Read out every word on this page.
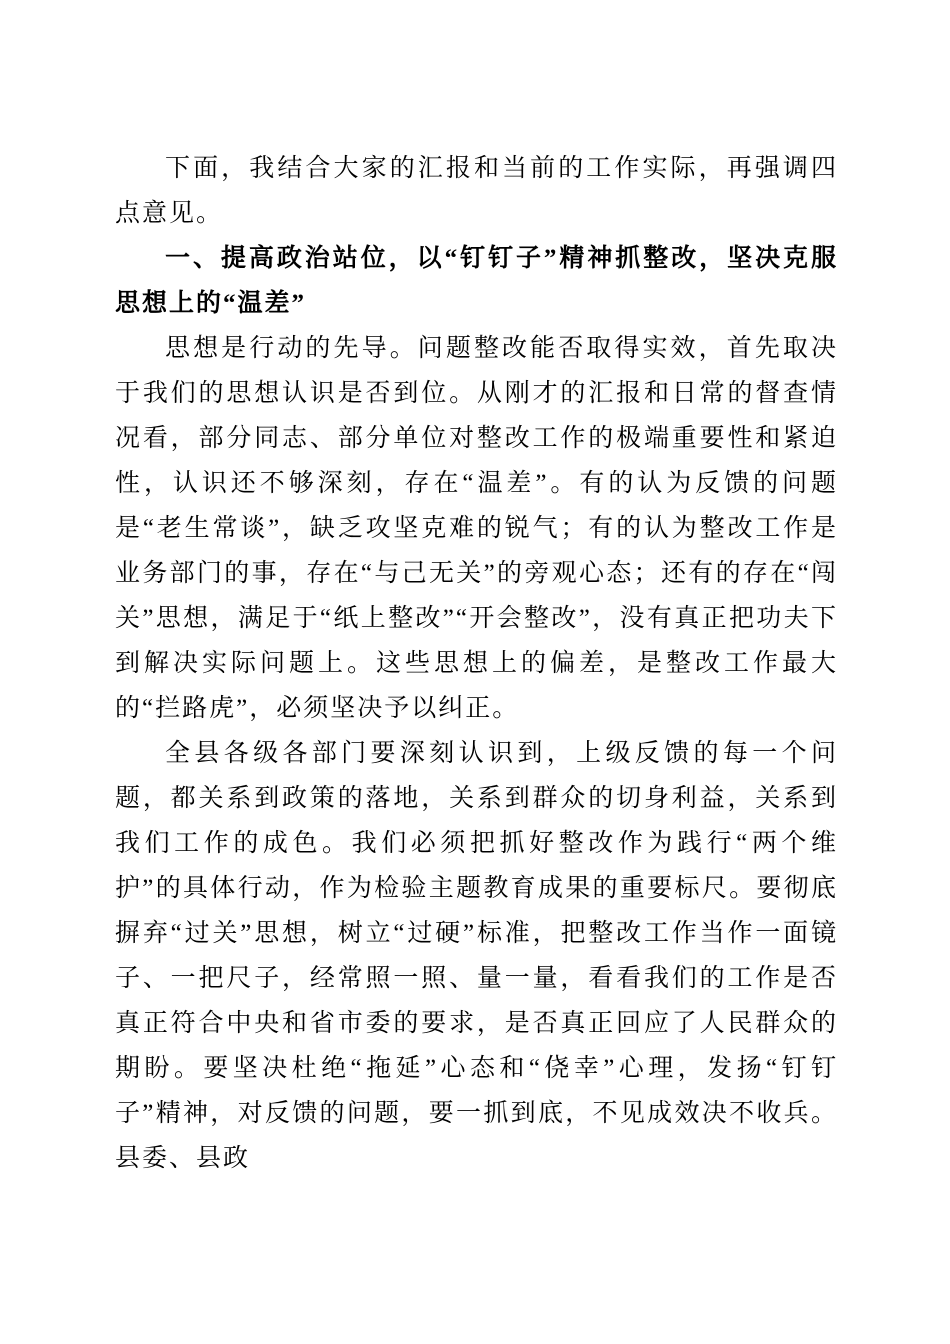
下面，我结合大家的汇报和当前的工作实际，再强调四点意见。

一、提高政治站位，以“钉钉子”精神抓整改，坚决克服思想上的“温差”

思想是行动的先导。问题整改能否取得实效，首先取决于我们的思想认识是否到位。从刚才的汇报和日常的督查情况看，部分同志、部分单位对整改工作的极端重要性和紧迫性，认识还不够深刻，存在“温差”。有的认为反馈的问题是“老生常谈”，缺乏攻坚克难的锐气；有的认为整改工作是业务部门的事，存在“与己无关”的旁观心态；还有的存在“闯关”思想，满足于“纸上整改”“开会整改”，没有真正把功夫下到解决实际问题上。这些思想上的偏差，是整改工作最大的“拦路虎”，必须坚决予以纠正。

全县各级各部门要深刻认识到，上级反馈的每一个问题，都关系到政策的落地，关系到群众的切身利益，关系到我们工作的成色。我们必须把抓好整改作为践行“两个维护”的具体行动，作为检验主题教育成果的重要标尺。要彻底摒弃“过关”思想，树立“过硬”标准，把整改工作当作一面镜子、一把尺子，经常照一照、量一量，看看我们的工作是否真正符合中央和省市委的要求，是否真正回应了人民群众的期盼。要坚决杜绝“拖延”心态和“侥幸”心理，发扬“钉钉子”精神，对反馈的问题，要一抓到底，不见成效决不收兵。县委、县政
